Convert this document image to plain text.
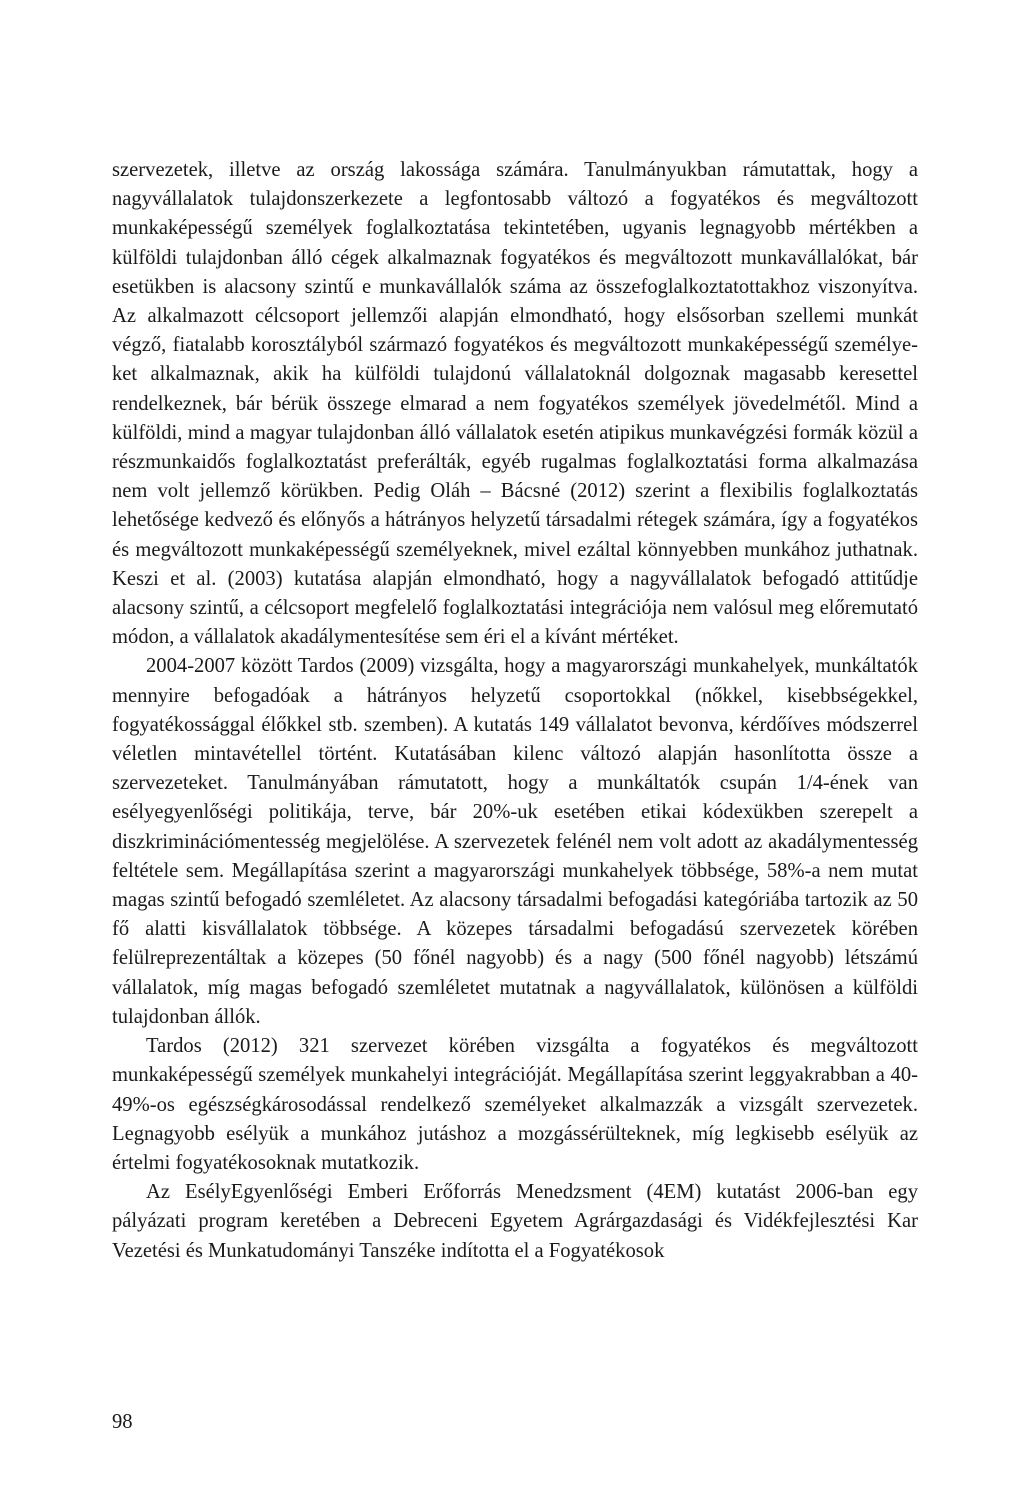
szervezetek, illetve az ország lakossága számára. Tanulmányukban rámutattak, hogy a nagyvállalatok tulajdonszerkezete a legfontosabb változó a fogyatékos és megváltozott munkaképességű személyek foglalkoztatása tekintetében, ugyanis legnagyobb mértékben a külföldi tulajdonban álló cégek alkalmaznak fogyatékos és megváltozott munkavállalókat, bár esetükben is alacsony szintű e munkavállalók száma az összefoglalkoztatottakhoz viszonyítva. Az alkalmazott célcsoport jellemzői alapján elmondható, hogy elsősorban szellemi munkát végző, fiatalabb korosztályból származó fogyatékos és megváltozott munkaképességű személyeket alkalmaznak, akik ha külföldi tulajdonú vállalatoknál dolgoznak magasabb keresettel rendelkeznek, bár bérük összege elmarad a nem fogyatékos személyek jövedelmétől. Mind a külföldi, mind a magyar tulajdonban álló vállalatok esetén atipikus munkavégzési formák közül a részmunkaidős foglalkoztatást preferálták, egyéb rugalmas foglalkoztatási forma alkalmazása nem volt jellemző körükben. Pedig Oláh – Bácsné (2012) szerint a flexibilis foglalkoztatás lehetősége kedvező és előnyős a hátrányos helyzetű társadalmi rétegek számára, így a fogyatékos és megváltozott munkaképességű személyeknek, mivel ezáltal könnyebben munkához juthatnak. Keszi et al. (2003) kutatása alapján elmondható, hogy a nagyvállalatok befogadó attitűdje alacsony szintű, a célcsoport megfelelő foglalkoztatási integrációja nem valósul meg előremutató módon, a vállalatok akadálymentesítése sem éri el a kívánt mértéket.

2004-2007 között Tardos (2009) vizsgálta, hogy a magyarországi munkahelyek, munkáltatók mennyire befogadóak a hátrányos helyzetű csoportokkal (nőkkel, kisebbségekkel, fogyatékossággal élőkkel stb. szemben). A kutatás 149 vállalatot bevonva, kérdőíves módszerrel véletlen mintavétellel történt. Kutatásában kilenc változó alapján hasonlította össze a szervezeteket. Tanulmányában rámutatott, hogy a munkáltatók csupán 1/4-ének van esélyegyenlőségi politikája, terve, bár 20%-uk esetében etikai kódexükben szerepelt a diszkriminációmentesség megjelölése. A szervezetek felénél nem volt adott az akadálymentesség feltétele sem. Megállapítása szerint a magyarországi munkahelyek többsége, 58%-a nem mutat magas szintű befogadó szemléletet. Az alacsony társadalmi befogadási kategóriába tartozik az 50 fő alatti kisvállalatok többsége. A közepes társadalmi befogadású szervezetek körében felülreprezentáltak a közepes (50 főnél nagyobb) és a nagy (500 főnél nagyobb) létszámú vállalatok, míg magas befogadó szemléletet mutatnak a nagyvállalatok, különösen a külföldi tulajdonban állók.

Tardos (2012) 321 szervezet körében vizsgálta a fogyatékos és megváltozott munkaképességű személyek munkahelyi integrációját. Megállapítása szerint leggyakrabban a 40-49%-os egészségkárosodással rendelkező személyeket alkalmazzák a vizsgált szervezetek. Legnagyobb esélyük a munkához jutáshoz a mozgássérülteknek, míg legkisebb esélyük az értelmi fogyatékosoknak mutatkozik.

Az EsélyEgyenlőségi Emberi Erőforrás Menedzsment (4EM) kutatást 2006-ban egy pályázati program keretében a Debreceni Egyetem Agrárgazdasági és Vidékfejlesztési Kar Vezetési és Munkatudományi Tanszéke indította el a Fogyatékosok

98
